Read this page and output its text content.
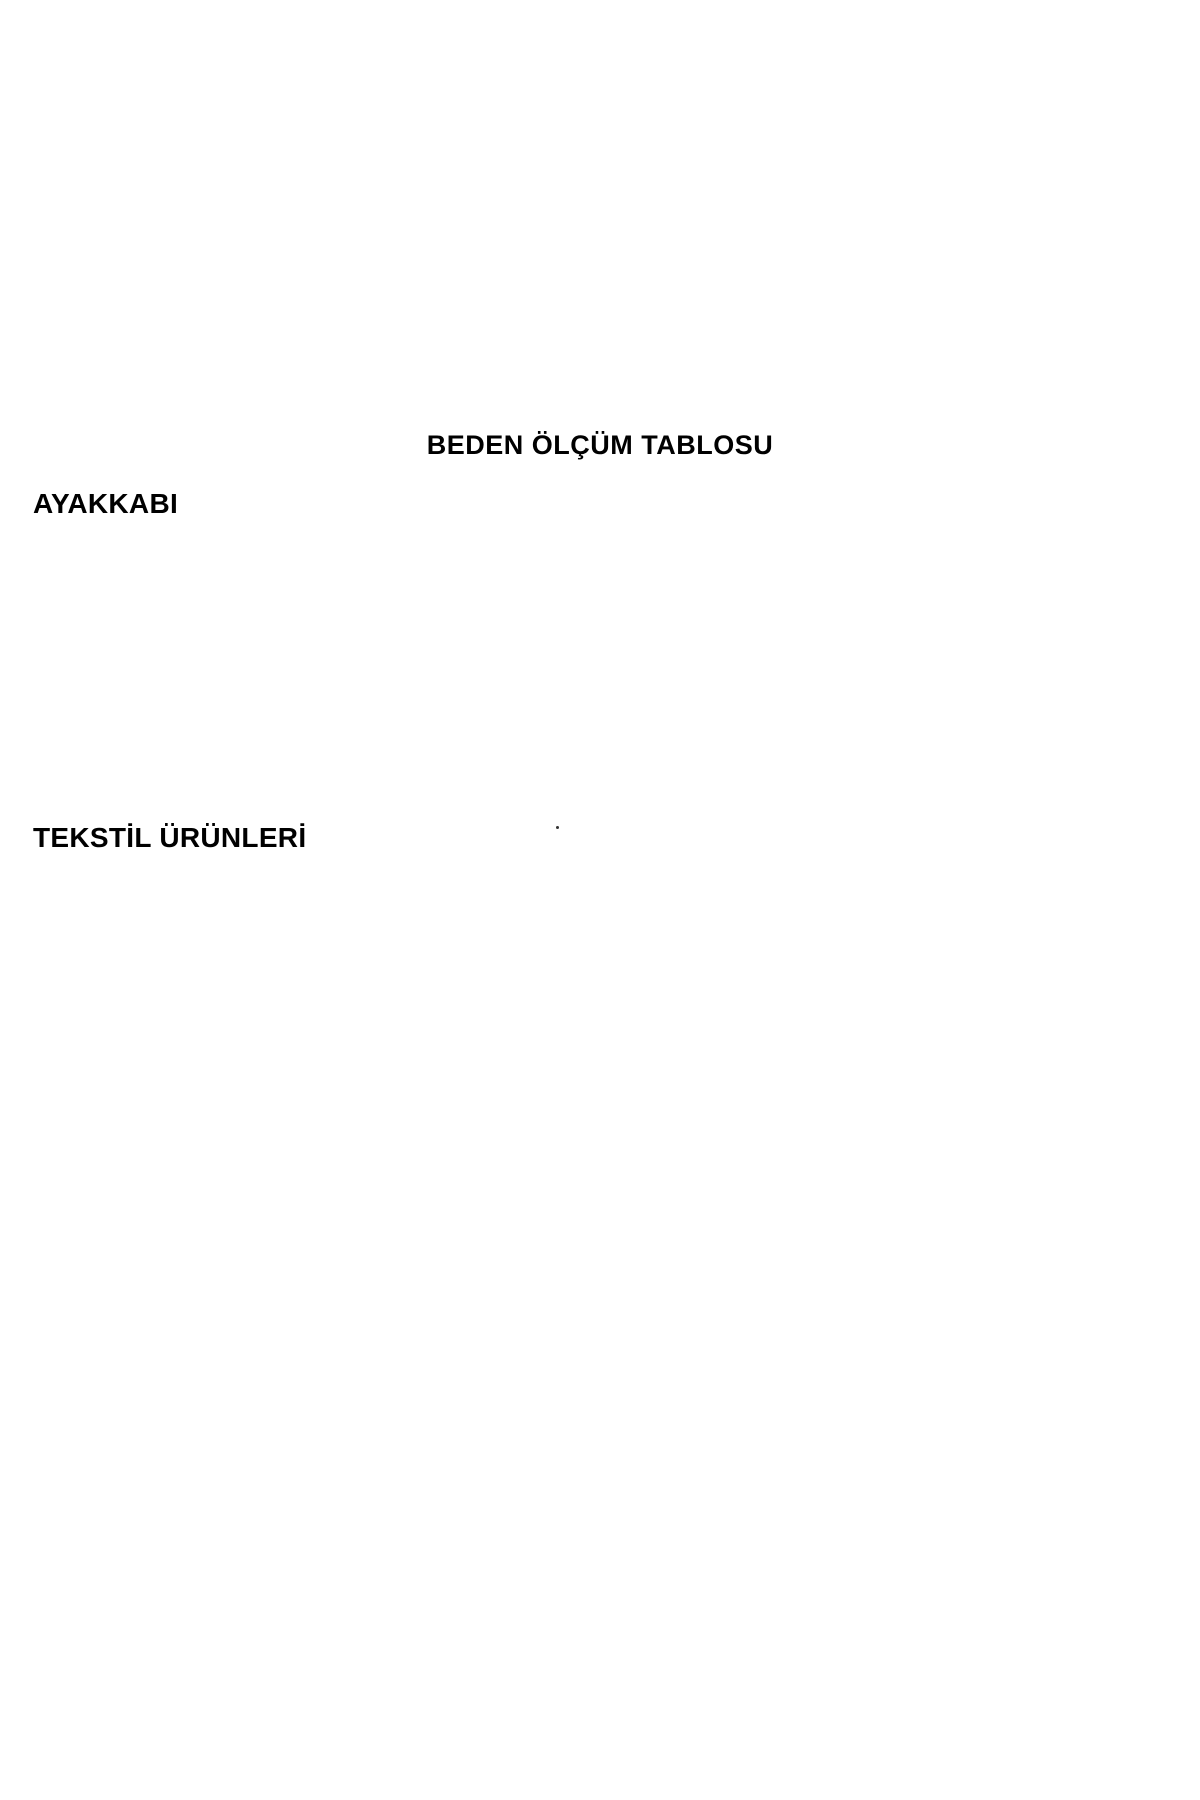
BEDEN ÖLÇÜM TABLOSU
AYAKKABI
TEKSTİL ÜRÜNLERİ
